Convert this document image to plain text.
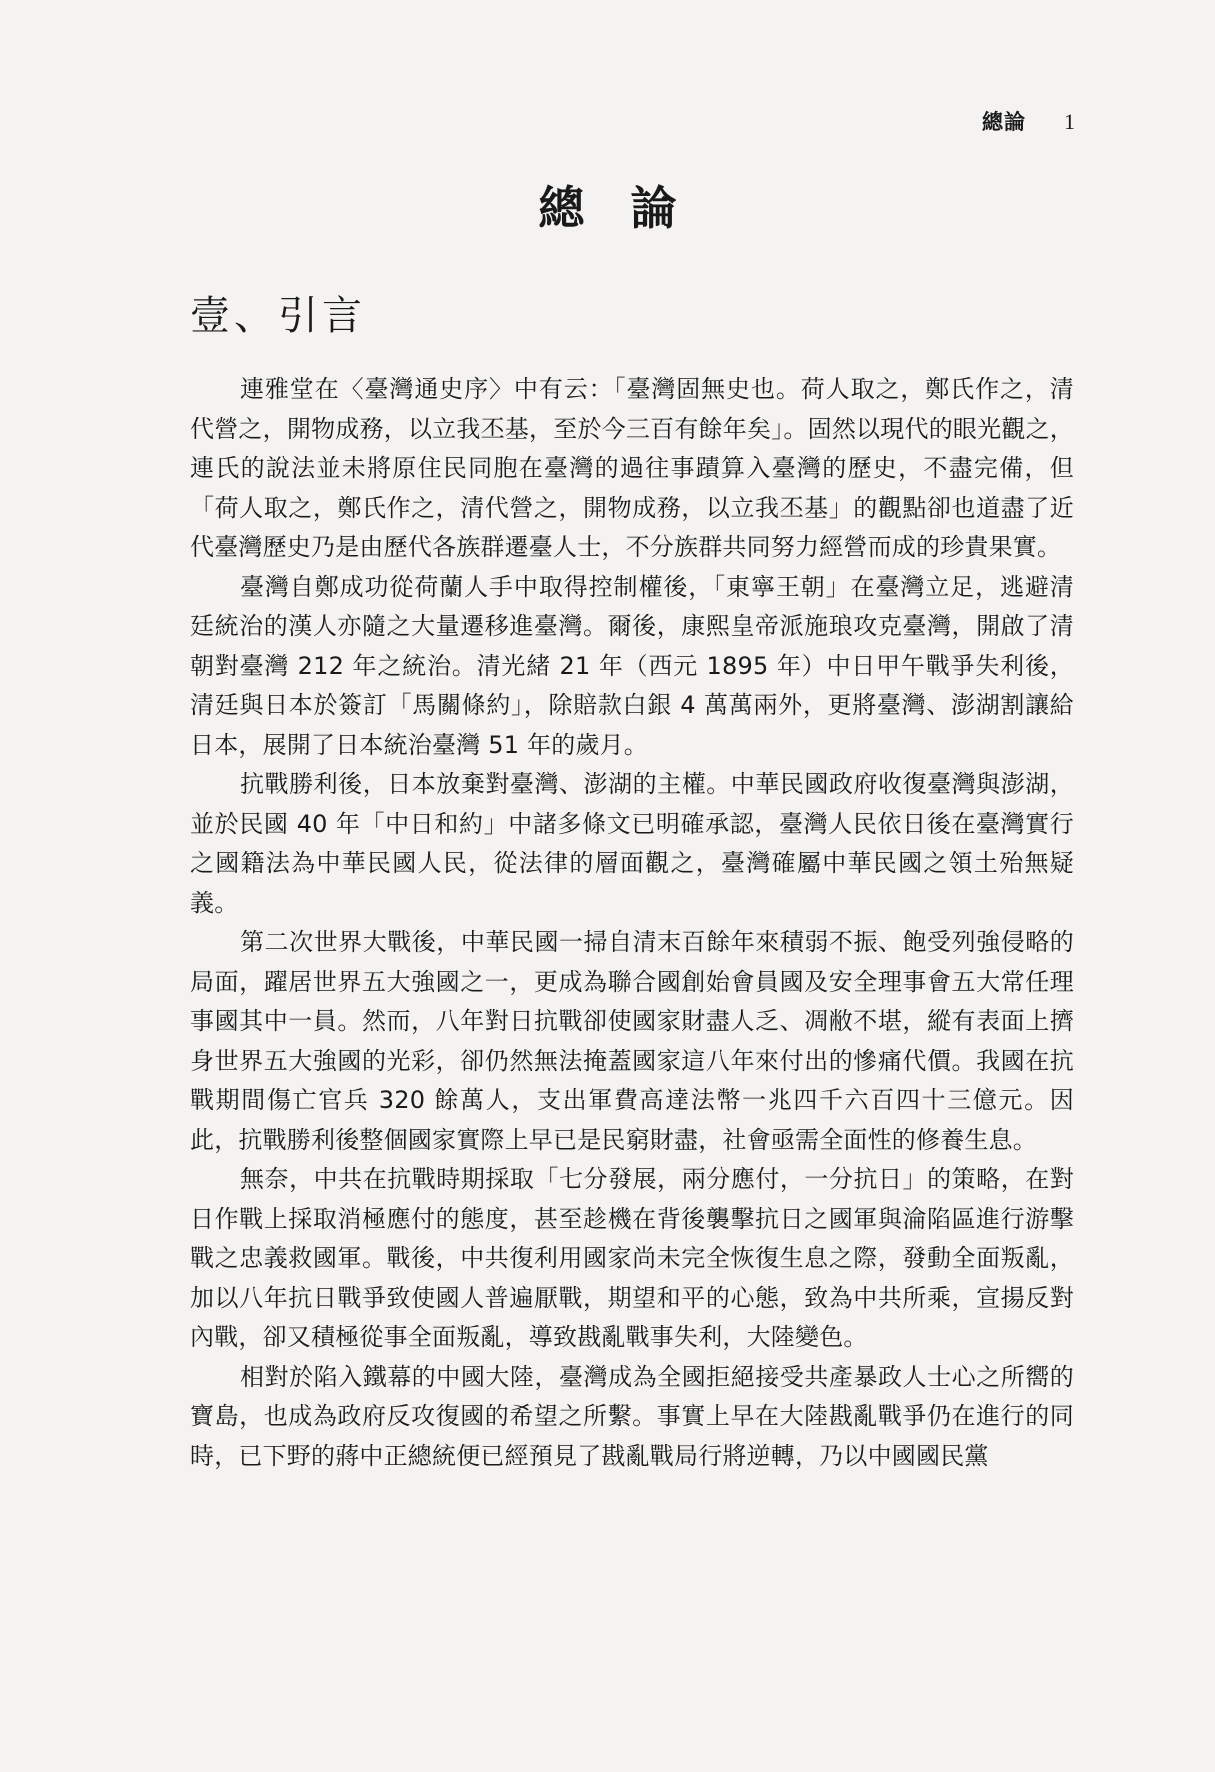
總論 1
總論
壹、引言

連雅堂在〈臺灣通史序〉中有云：「臺灣固無史也。荷人取之，鄭氏作之，清代營之，開物成務，以立我丕基，至於今三百有餘年矣」。固然以現代的眼光觀之，連氏的說法並未將原住民同胞在臺灣的過往事蹟算入臺灣的歷史，不盡完備，但「荷人取之，鄭氏作之，清代營之，開物成務，以立我丕基」的觀點卻也道盡了近代臺灣歷史乃是由歷代各族群遷臺人士，不分族群共同努力經營而成的珍貴果實。

臺灣自鄭成功從荷蘭人手中取得控制權後，「東寧王朝」在臺灣立足，逃避清廷統治的漢人亦隨之大量遷移進臺灣。爾後，康熙皇帝派施琅攻克臺灣，開啟了清朝對臺灣 212 年之統治。清光緒 21 年（西元 1895 年）中日甲午戰爭失利後，清廷與日本於簽訂「馬關條約」，除賠款白銀 4 萬萬兩外，更將臺灣、澎湖割讓給日本，展開了日本統治臺灣 51 年的歲月。

抗戰勝利後，日本放棄對臺灣、澎湖的主權。中華民國政府收復臺灣與澎湖，並於民國 40 年「中日和約」中諸多條文已明確承認，臺灣人民依日後在臺灣實行之國籍法為中華民國人民，從法律的層面觀之，臺灣確屬中華民國之領土殆無疑義。

第二次世界大戰後，中華民國一掃自清末百餘年來積弱不振、飽受列強侵略的局面，躍居世界五大強國之一，更成為聯合國創始會員國及安全理事會五大常任理事國其中一員。然而，八年對日抗戰卻使國家財盡人乏、凋敝不堪，縱有表面上擠身世界五大強國的光彩，卻仍然無法掩蓋國家這八年來付出的慘痛代價。我國在抗戰期間傷亡官兵 320 餘萬人，支出軍費高達法幣一兆四千六百四十三億元。因此，抗戰勝利後整個國家實際上早已是民窮財盡，社會亟需全面性的修養生息。

無奈，中共在抗戰時期採取「七分發展，兩分應付，一分抗日」的策略，在對日作戰上採取消極應付的態度，甚至趁機在背後襲擊抗日之國軍與淪陷區進行游擊戰之忠義救國軍。戰後，中共復利用國家尚未完全恢復生息之際，發動全面叛亂，加以八年抗日戰爭致使國人普遍厭戰，期望和平的心態，致為中共所乘，宣揚反對內戰，卻又積極從事全面叛亂，導致戡亂戰事失利，大陸變色。

相對於陷入鐵幕的中國大陸，臺灣成為全國拒絕接受共產暴政人士心之所嚮的寶島，也成為政府反攻復國的希望之所繫。事實上早在大陸戡亂戰爭仍在進行的同時，已下野的蔣中正總統便已經預見了戡亂戰局行將逆轉，乃以中國國民黨
